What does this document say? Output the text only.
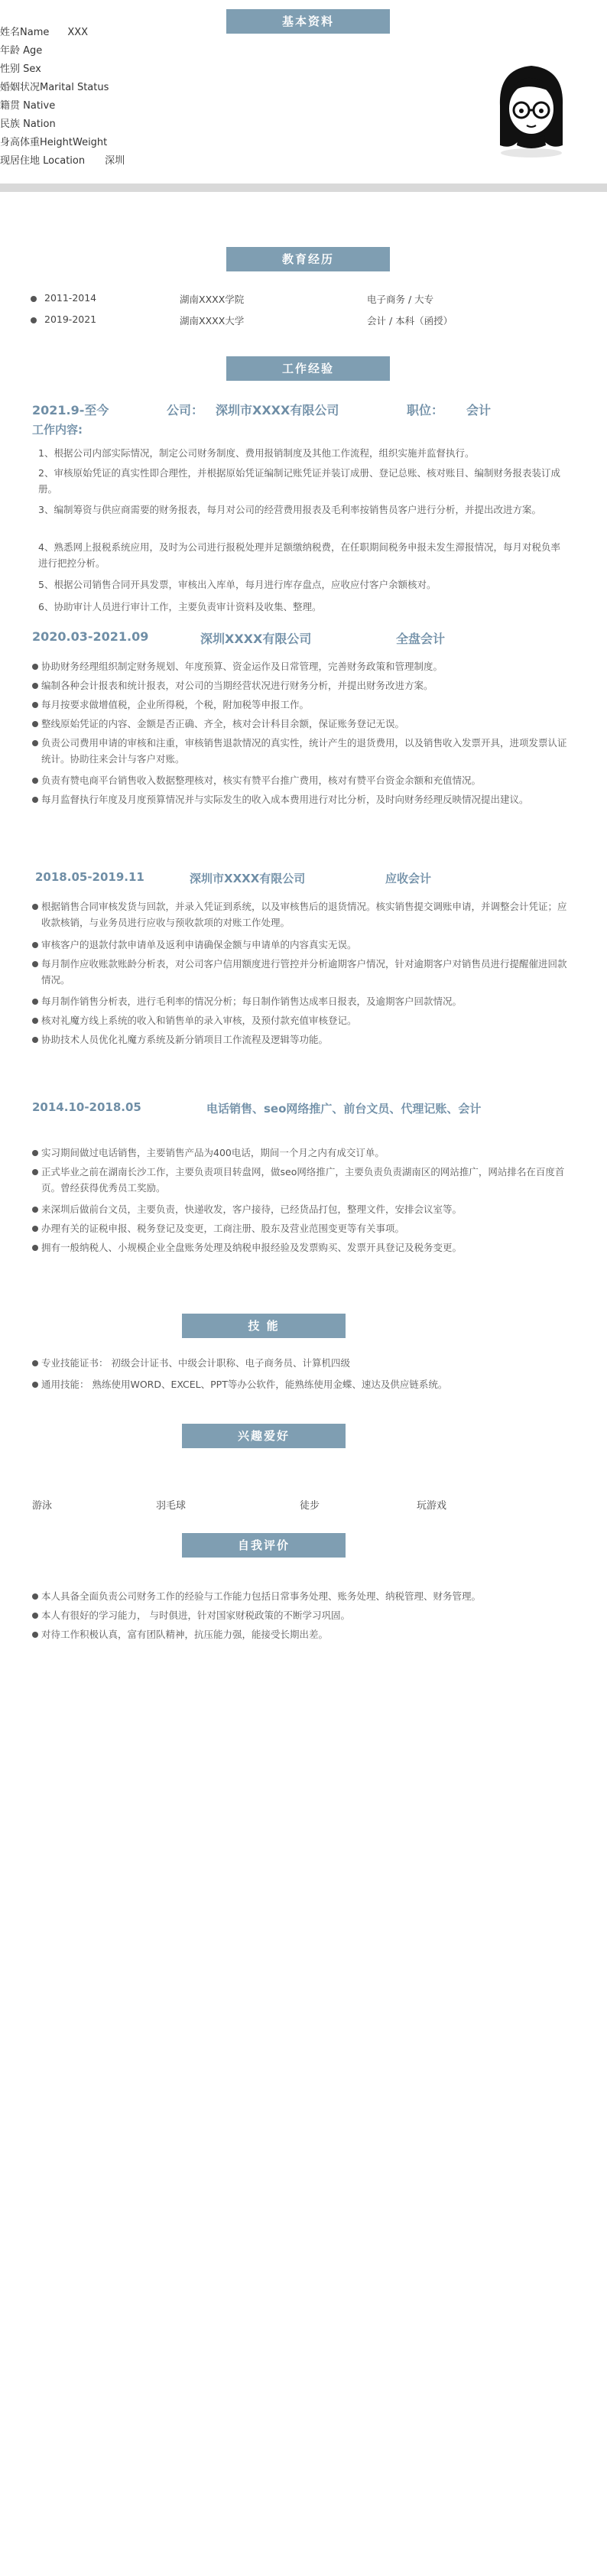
基本资料
姓名Name XXX
年龄 Age
性别 Sex
婚姻状况Marital Status
籍贯 Native
民族 Nation
身高体重HeightWeight
现居住地 Location 深圳
教育经历
2011-2014	湖南XXXX学院	电子商务 / 大专
2019-2021	湖南XXXX大学	会计 / 本科（函授）
工作经验
2021.9-至今	公司： 深圳市XXXX有限公司	职位： 会计
工作内容:
1、根据公司内部实际情况，制定公司财务制度、费用报销制度及其他工作流程，组织实施并监督执行。
2、审核原始凭证的真实性即合理性，并根据原始凭证编制记账凭证并装订成册、登记总账、核对账目、编制财务报表装订成册。
3、编制筹资与供应商需要的财务报表，每月对公司的经营费用报表及毛利率按销售员客户进行分析，并提出改进方案。
4、熟悉网上报税系统应用，及时为公司进行报税处理并足额缴纳税费，在任职期间税务申报未发生滞报情况，每月对税负率进行把控分析。
5、根据公司销售合同开具发票，审核出入库单，每月进行库存盘点，应收应付客户余额核对。
6、协助审计人员进行审计工作，主要负责审计资料及收集、整理。
2020.03-2021.09	深圳XXXX有限公司	全盘会计
协助财务经理组织制定财务规划、年度预算、资金运作及日常管理，完善财务政策和管理制度。
编制各种会计报表和统计报表，对公司的当期经营状况进行财务分析，并提出财务改进方案。
每月按要求做增值税，企业所得税，个税，附加税等申报工作。
整线原始凭证的内容、金额是否正确、齐全，核对会计科目余额，保证账务登记无误。
负责公司费用申请的审核和注重，审核销售退款情况的真实性，统计产生的退货费用，以及销售收入发票开具，进项发票认证统计。协助往来会计与客户对账。
负责有赞电商平台销售收入数据整理核对，核实有赞平台推广费用，核对有赞平台资金余额和充值情况。
每月监督执行年度及月度预算情况并与实际发生的收入成本费用进行对比分析，及时向财务经理反映情况提出建议。
2018.05-2019.11	深圳市XXXX有限公司	应收会计
根据销售合同审核发货与回款，并录入凭证到系统，以及审核售后的退货情况。核实销售提交调账申请，并调整会计凭证；应收款核销，与业务员进行应收与预收款项的对账工作处理。
审核客户的退款付款申请单及返利申请确保金额与申请单的内容真实无误。
每月制作应收账款账龄分析表，对公司客户信用额度进行管控并分析逾期客户情况，针对逾期客户对销售员进行提醒催进回款情况。
每月制作销售分析表，进行毛利率的情况分析；每日制作销售达成率日报表，及逾期客户回款情况。
核对礼魔方线上系统的收入和销售单的录入审核，及预付款充值审核登记。
协助技术人员优化礼魔方系统及新分销项目工作流程及逻辑等功能。
2014.10-2018.05	电话销售、seo网络推广、前台文员、代理记账、会计
实习期间做过电话销售，主要销售产品为400电话，期间一个月之内有成交订单。
正式毕业之前在湖南长沙工作，主要负责项目转盘网，做seo网络推广，主要负责负责湖南区的网站推广，网站排名在百度首页。曾经获得优秀员工奖励。
来深圳后做前台文员，主要负责，快递收发，客户接待，已经货品打包，整理文件，安排会议室等。
办理有关的证税申报、税务登记及变更，工商注册、股东及营业范围变更等有关事项。
拥有一般纳税人、小规模企业全盘账务处理及纳税申报经验及发票购买、发票开具登记及税务变更。
技 能
专业技能证书： 初级会计证书、中级会计职称、电子商务员、计算机四级
通用技能： 熟练使用WORD、EXCEL、PPT等办公软件，能熟练使用金蝶、速达及供应链系统。
兴趣爱好
游泳	羽毛球	徒步	玩游戏
自我评价
本人具备全面负责公司财务工作的经验与工作能力包括日常事务处理、账务处理、纳税管理、财务管理。
本人有很好的学习能力， 与时俱进，针对国家财税政策的不断学习巩固。
对待工作积极认真，富有团队精神，抗压能力强，能接受长期出差。
